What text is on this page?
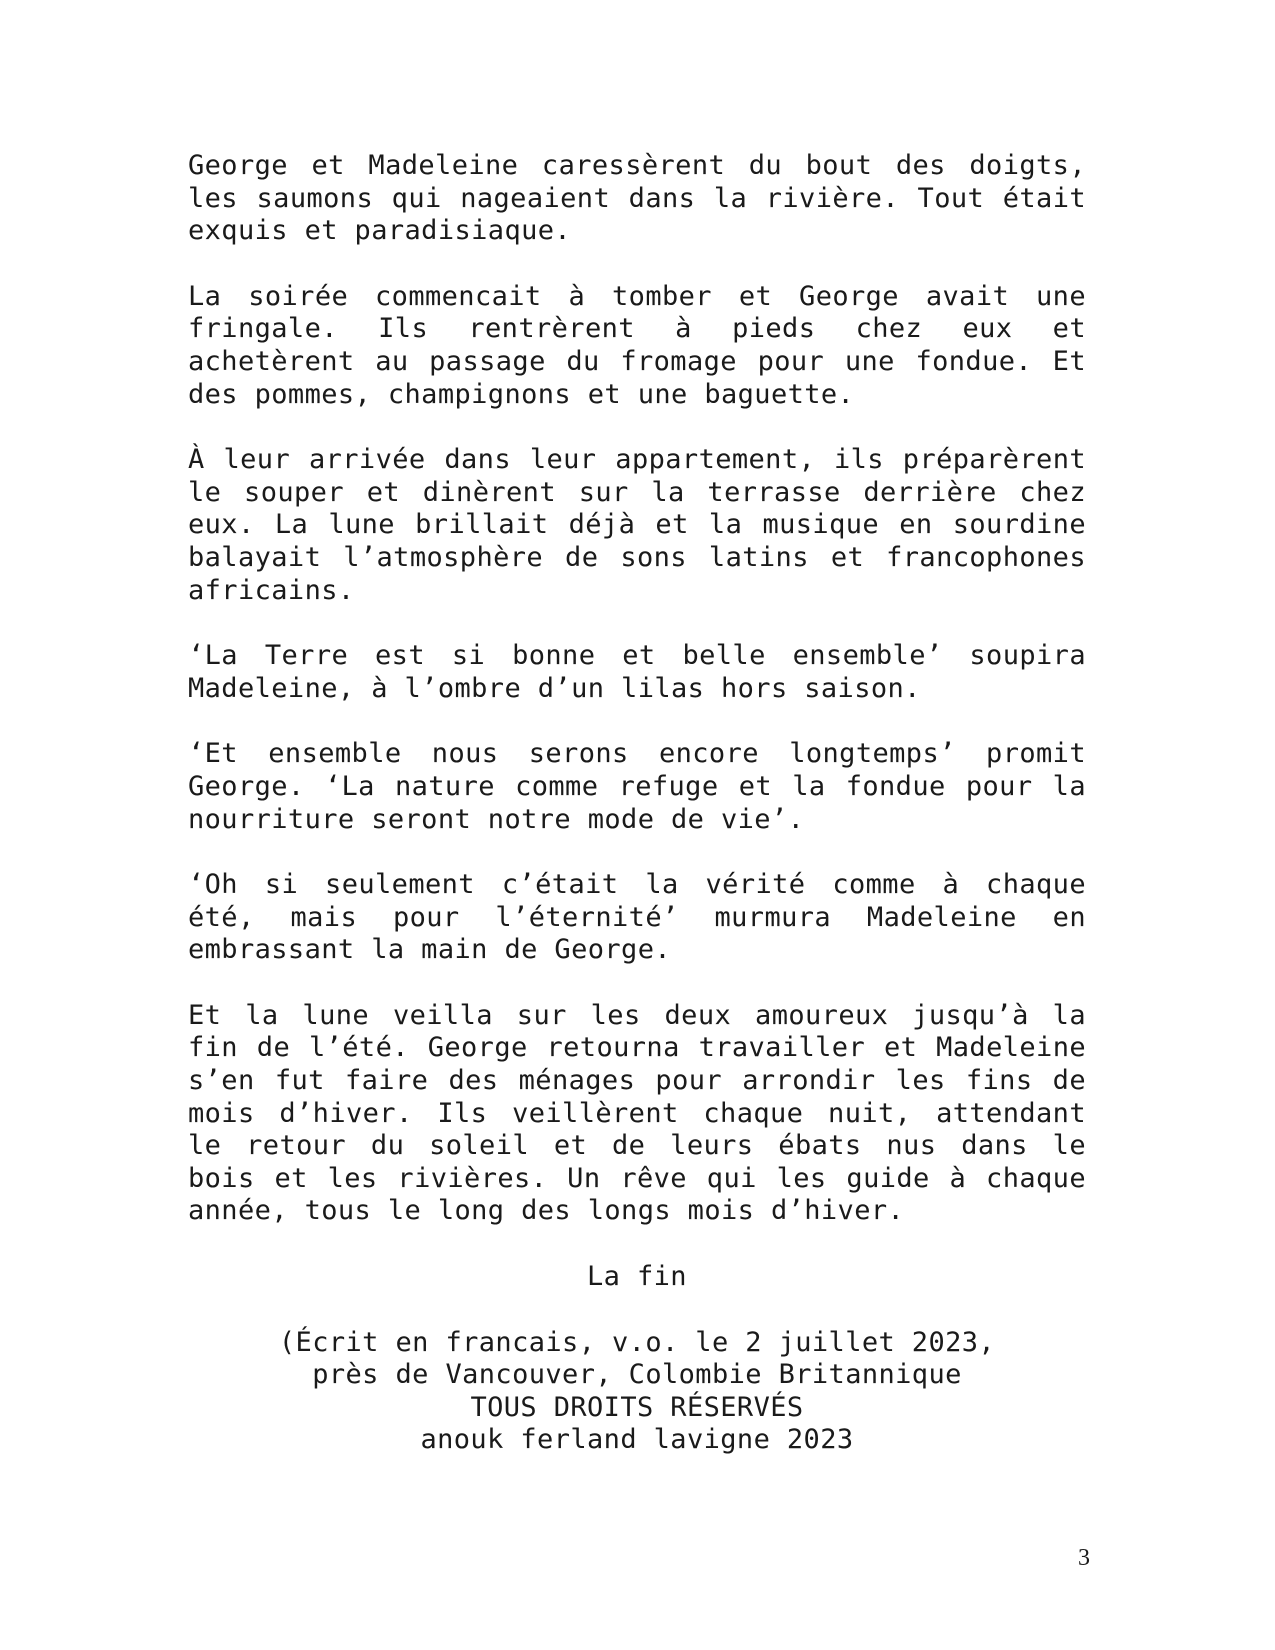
George et Madeleine caressèrent du bout des doigts, les saumons qui nageaient dans la rivière. Tout était exquis et paradisiaque.

La soirée commencait à tomber et George avait une fringale. Ils rentrèrent à pieds chez eux et achetèrent au passage du fromage pour une fondue. Et des pommes, champignons et une baguette.

À leur arrivée dans leur appartement, ils préparèrent le souper et dinèrent sur la terrasse derrière chez eux. La lune brillait déjà et la musique en sourdine balayait l’atmosphère de sons latins et francophones africains.

‘La Terre est si bonne et belle ensemble’ soupira Madeleine, à l’ombre d’un lilas hors saison.

‘Et ensemble nous serons encore longtemps’ promit George. ‘La nature comme refuge et la fondue pour la nourriture seront notre mode de vie’.

‘Oh si seulement c’était la vérité comme à chaque été, mais pour l’éternité’ murmura Madeleine en embrassant la main de George.

Et la lune veilla sur les deux amoureux jusqu’à la fin de l’été. George retourna travailler et Madeleine s’en fut faire des ménages pour arrondir les fins de mois d’hiver. Ils veillèrent chaque nuit, attendant le retour du soleil et de leurs ébats nus dans le bois et les rivières. Un rêve qui les guide à chaque année, tous le long des longs mois d’hiver.

La fin

(Écrit en francais, v.o. le 2 juillet 2023,
près de Vancouver, Colombie Britannique
TOUS DROITS RÉSERVÉS
anouk ferland lavigne 2023
3
